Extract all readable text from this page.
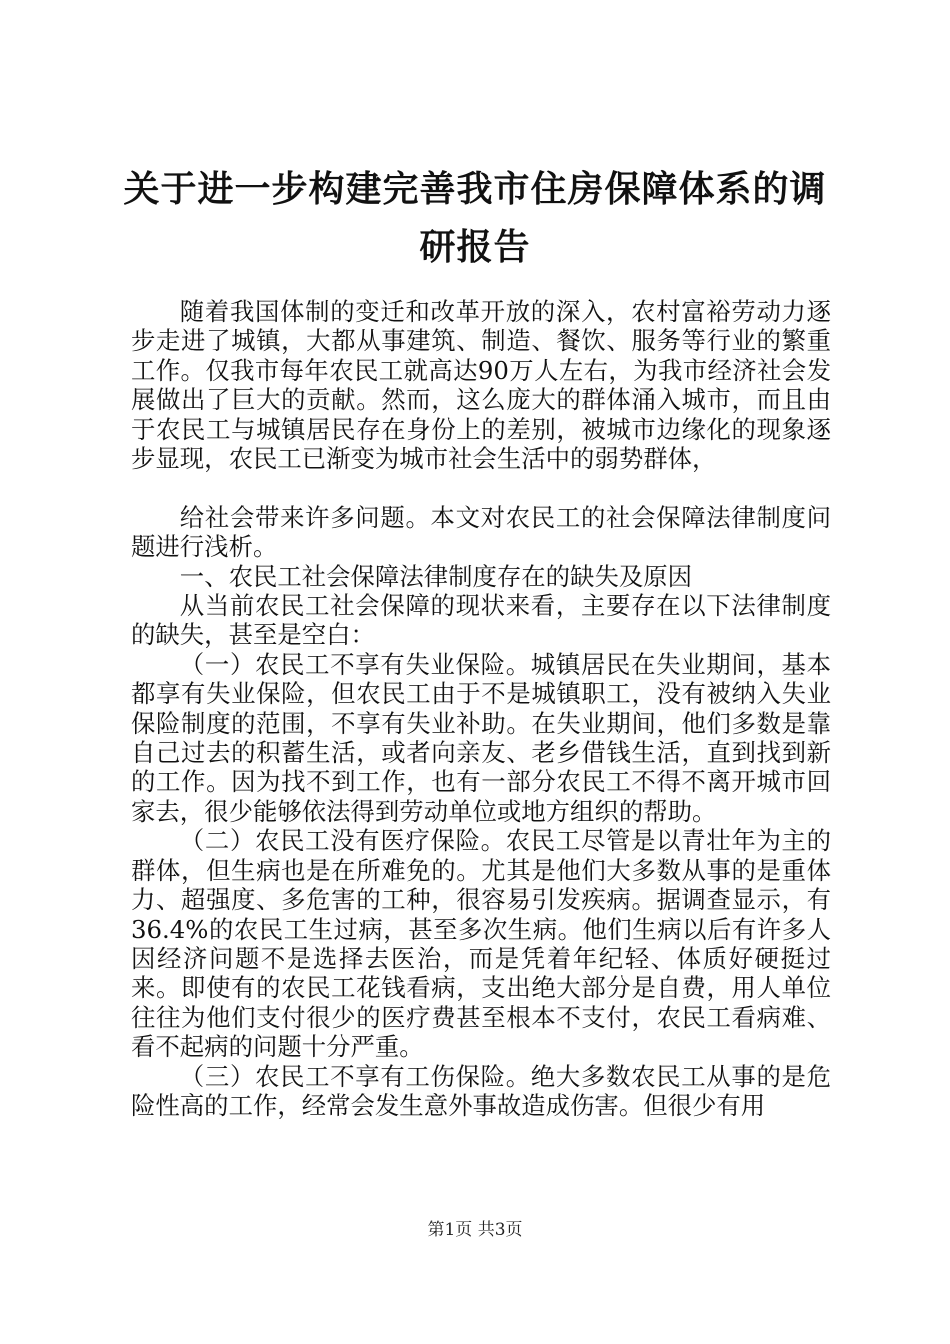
关于进一步构建完善我市住房保障体系的调研报告

随着我国体制的变迁和改革开放的深入，农村富裕劳动力逐步走进了城镇，大都从事建筑、制造、餐饮、服务等行业的繁重工作。仅我市每年农民工就高达90万人左右，为我市经济社会发展做出了巨大的贡献。然而，这么庞大的群体涌入城市，而且由于农民工与城镇居民存在身份上的差别，被城市边缘化的现象逐步显现，农民工已渐变为城市社会生活中的弱势群体，

给社会带来许多问题。本文对农民工的社会保障法律制度问题进行浅析。

一、农民工社会保障法律制度存在的缺失及原因

从当前农民工社会保障的现状来看，主要存在以下法律制度的缺失，甚至是空白：

（一）农民工不享有失业保险。城镇居民在失业期间，基本都享有失业保险，但农民工由于不是城镇职工，没有被纳入失业保险制度的范围，不享有失业补助。在失业期间，他们多数是靠自己过去的积蓄生活，或者向亲友、老乡借钱生活，直到找到新的工作。因为找不到工作，也有一部分农民工不得不离开城市回家去，很少能够依法得到劳动单位或地方组织的帮助。

（二）农民工没有医疗保险。农民工尽管是以青壮年为主的群体，但生病也是在所难免的。尤其是他们大多数从事的是重体力、超强度、多危害的工种，很容易引发疾病。据调查显示，有36.4%的农民工生过病，甚至多次生病。他们生病以后有许多人因经济问题不是选择去医治，而是凭着年纪轻、体质好硬挺过来。即使有的农民工花钱看病，支出绝大部分是自费，用人单位往往为他们支付很少的医疗费甚至根本不支付，农民工看病难、看不起病的问题十分严重。

（三）农民工不享有工伤保险。绝大多数农民工从事的是危险性高的工作，经常会发生意外事故造成伤害。但很少有用

第1页 共3页
